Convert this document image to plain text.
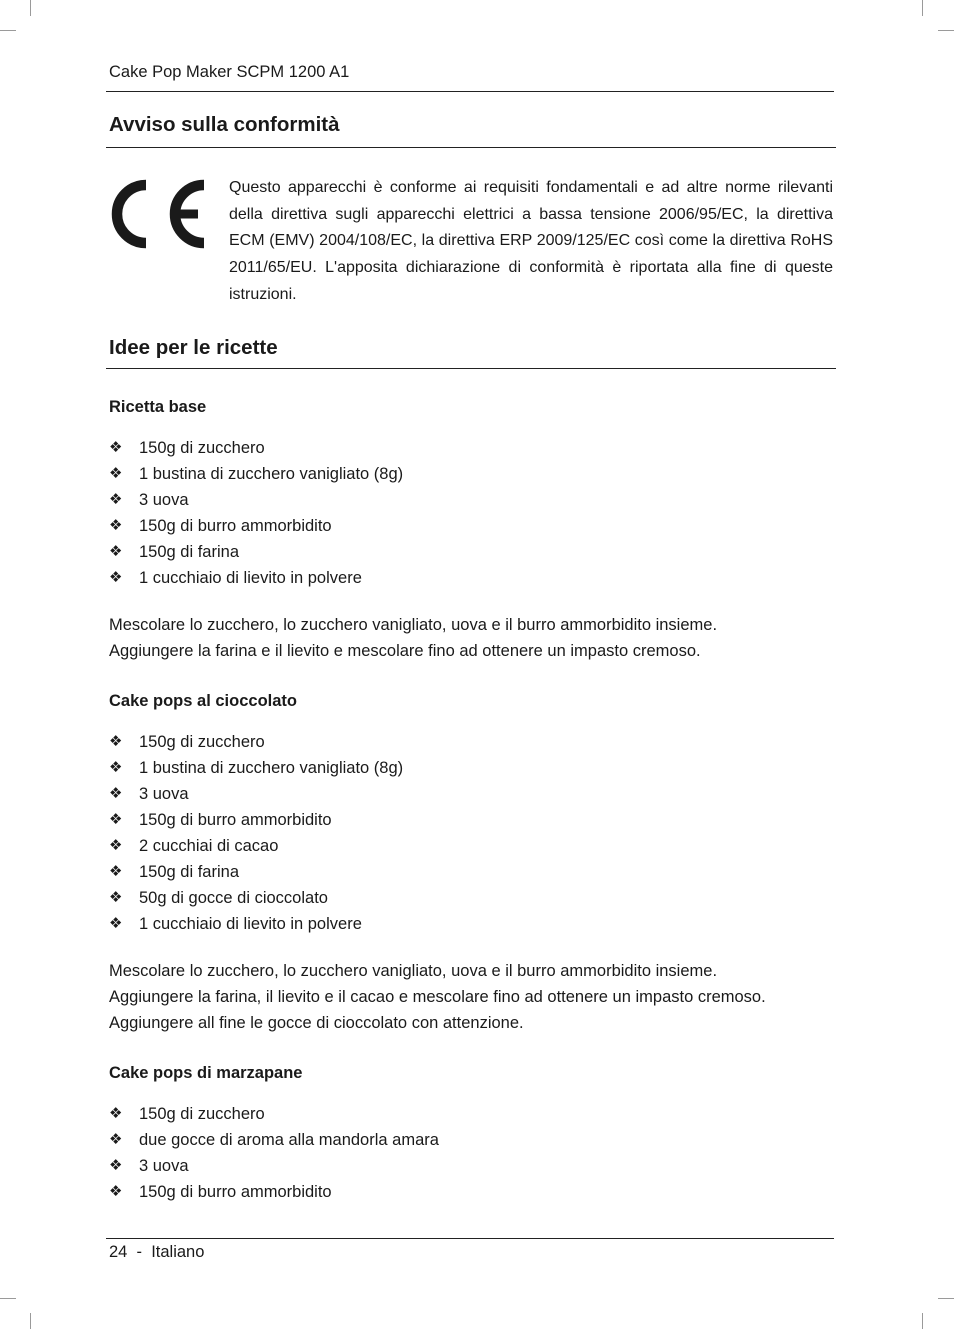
Cake Pop Maker SCPM 1200 A1
Avviso sulla conformità
Questo apparecchi è conforme ai requisiti fondamentali e ad altre norme rilevanti della direttiva sugli apparecchi elettrici a bassa tensione 2006/95/EC, la direttiva ECM (EMV) 2004/108/EC, la direttiva ERP 2009/125/EC così come la direttiva RoHS 2011/65/EU. L'apposita dichiarazione di conformità è riportata alla fine di queste istruzioni.
Idee per le ricette
Ricetta base
❖ 150g di zucchero
❖ 1 bustina di zucchero vanigliato (8g)
❖ 3 uova
❖ 150g di burro ammorbidito
❖ 150g di farina
❖ 1 cucchiaio di lievito in polvere
Mescolare lo zucchero, lo zucchero vanigliato, uova e il burro ammorbidito insieme.
Aggiungere la farina e il lievito e mescolare fino ad ottenere un impasto cremoso.
Cake pops al cioccolato
❖ 150g di zucchero
❖ 1 bustina di zucchero vanigliato (8g)
❖ 3 uova
❖ 150g di burro ammorbidito
❖ 2 cucchiai di cacao
❖ 150g di farina
❖ 50g di gocce di cioccolato
❖ 1 cucchiaio di lievito in polvere
Mescolare lo zucchero, lo zucchero vanigliato, uova e il burro ammorbidito insieme.
Aggiungere la farina, il lievito e il cacao e mescolare fino ad ottenere un impasto cremoso.
Aggiungere all fine le gocce di cioccolato con attenzione.
Cake pops di marzapane
❖ 150g di zucchero
❖ due gocce di aroma alla mandorla amara
❖ 3 uova
❖ 150g di burro ammorbidito
24 - Italiano
